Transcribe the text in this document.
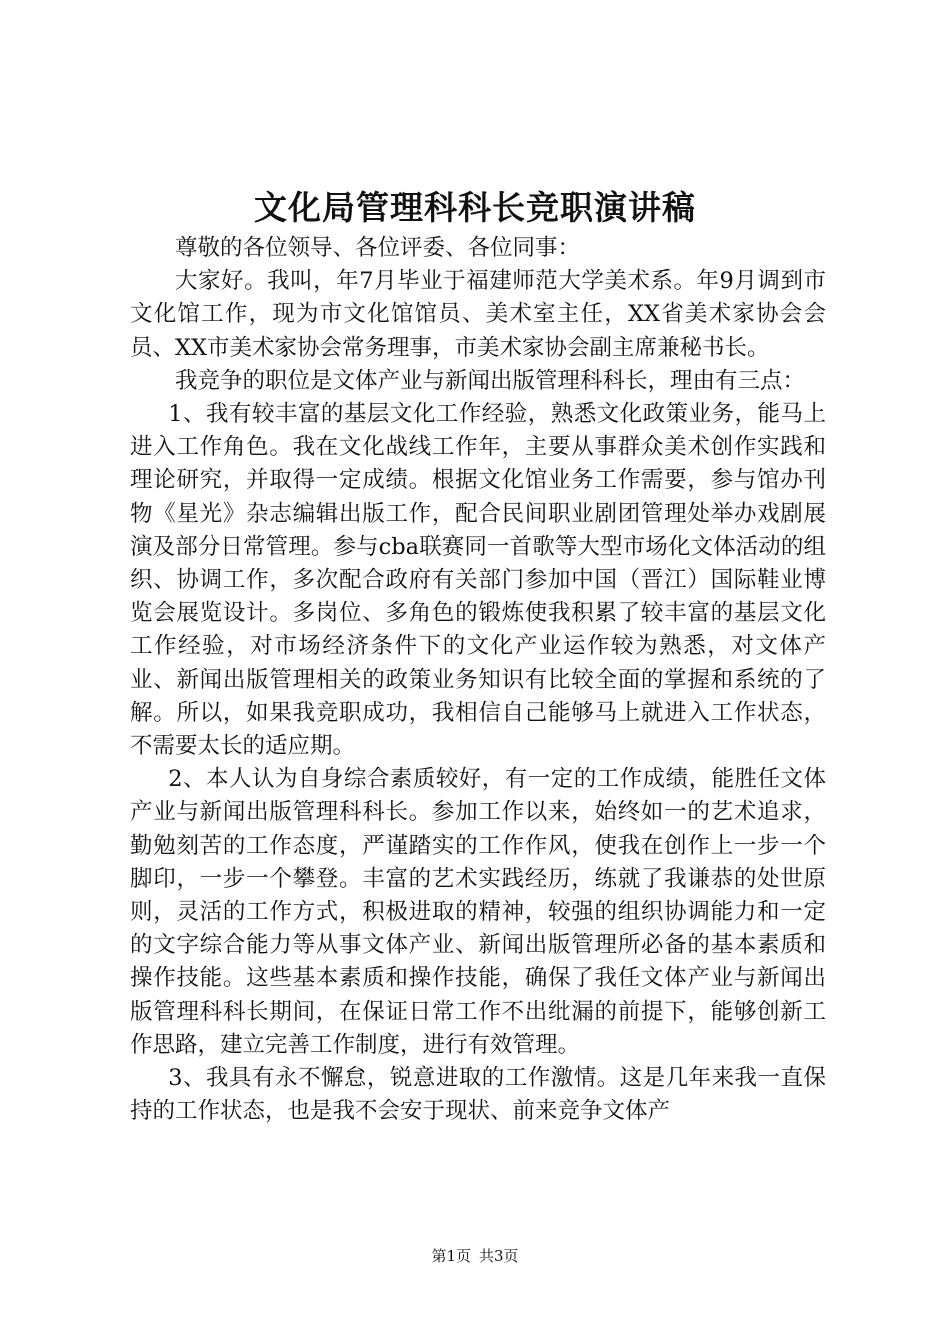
文化局管理科科长竞职演讲稿

尊敬的各位领导、各位评委、各位同事：

大家好。我叫，年7月毕业于福建师范大学美术系。年9月调到市文化馆工作，现为市文化馆馆员、美术室主任，XX省美术家协会会员、XX市美术家协会常务理事，市美术家协会副主席兼秘书长。

我竞争的职位是文体产业与新闻出版管理科科长，理由有三点：

1、我有较丰富的基层文化工作经验，熟悉文化政策业务，能马上进入工作角色。我在文化战线工作年，主要从事群众美术创作实践和理论研究，并取得一定成绩。根据文化馆业务工作需要，参与馆办刊物《星光》杂志编辑出版工作，配合民间职业剧团管理处举办戏剧展演及部分日常管理。参与cba联赛同一首歌等大型市场化文体活动的组织、协调工作，多次配合政府有关部门参加中国（晋江）国际鞋业博览会展览设计。多岗位、多角色的锻炼使我积累了较丰富的基层文化工作经验，对市场经济条件下的文化产业运作较为熟悉，对文体产业、新闻出版管理相关的政策业务知识有比较全面的掌握和系统的了解。所以，如果我竞职成功，我相信自己能够马上就进入工作状态，不需要太长的适应期。

2、本人认为自身综合素质较好，有一定的工作成绩，能胜任文体产业与新闻出版管理科科长。参加工作以来，始终如一的艺术追求，勤勉刻苦的工作态度，严谨踏实的工作作风，使我在创作上一步一个脚印，一步一个攀登。丰富的艺术实践经历，练就了我谦恭的处世原则，灵活的工作方式，积极进取的精神，较强的组织协调能力和一定的文字综合能力等从事文体产业、新闻出版管理所必备的基本素质和操作技能。这些基本素质和操作技能，确保了我任文体产业与新闻出版管理科科长期间，在保证日常工作不出纰漏的前提下，能够创新工作思路，建立完善工作制度，进行有效管理。

3、我具有永不懈怠，锐意进取的工作激情。这是几年来我一直保持的工作状态，也是我不会安于现状、前来竞争文体产

第1页 共3页
